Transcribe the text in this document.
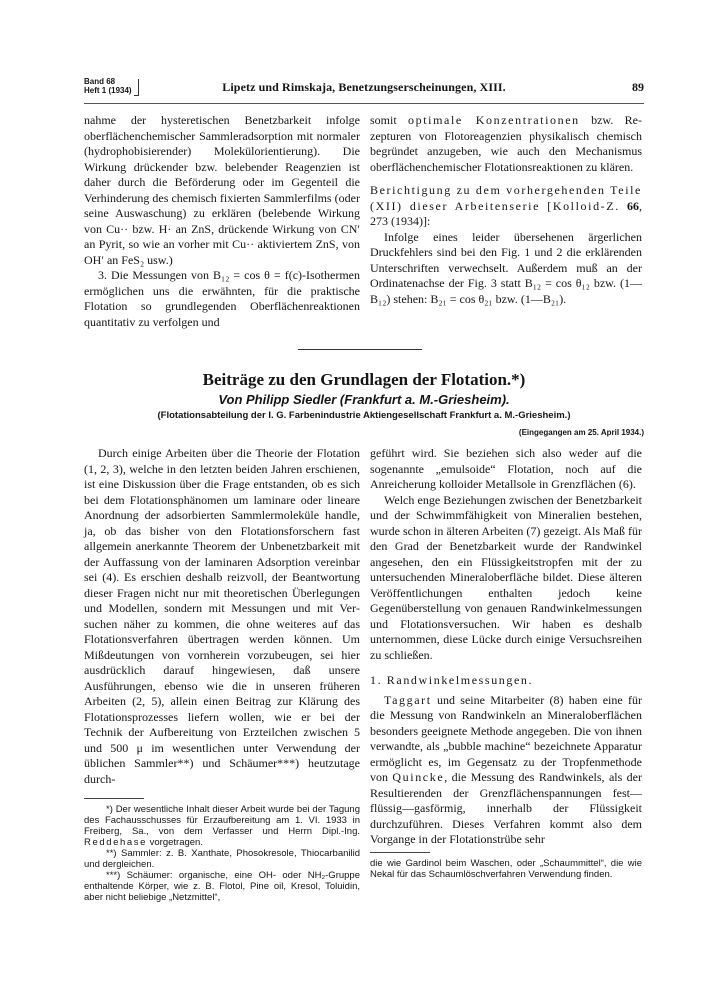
Band 68
Heft 1 (1934)	Lipetz und Rimskaja, Benetzungserscheinungen, XIII.	89

nahme der hysteretischen Benetzbarkeit infolge oberflächenchemischer Sammleradsorption mit normaler (hydrophobisierender) Molekülorientierung). Die Wirkung drückender bzw. belebender Reagenzien ist daher durch die Beförderung oder im Gegenteil die Verhinderung des chemisch fixierten Sammlerfilms (oder seine Auswaschung) zu erklären (belebende Wirkung von Cu·· bzw. H· an ZnS, drückende Wirkung von CN′ an Pyrit, so wie an vorher mit Cu·· aktiviertem ZnS, von OH′ an FeS₂ usw.)

3. Die Messungen von B₁₂ = cos θ = f(c)-Isothermen ermöglichen uns die erwähnten, für die praktische Flotation so grundlegenden Oberflächenreaktionen quantitativ zu verfolgen und

somit optimale Konzentrationen bzw. Rezepturen von Flotoreagenzien physikalisch chemisch begründet anzugeben, wie auch den Mechanismus oberflächenchemischer Flotationsreaktionen zu klären.

Berichtigung zu dem vorhergehenden Teile (XII) dieser Arbeitenserie [Kolloid-Z. 66, 273 (1934)]:

Infolge eines leider übersehenen ärgerlichen Druckfehlers sind bei den Fig. 1 und 2 die erklärenden Unterschriften verwechselt. Außerdem muß an der Ordinatenachse der Fig. 3 statt B₁₂ = cos θ₁₂ bzw. (1—B₁₂) stehen: B₂₁ = cos θ₂₁ bzw. (1—B₂₁).

Beiträge zu den Grundlagen der Flotation.*)
Von Philipp Siedler (Frankfurt a. M.-Griesheim).
(Flotationsabteilung der I. G. Farbenindustrie Aktiengesellschaft Frankfurt a. M.-Griesheim.)
(Eingegangen am 25. April 1934.)

Durch einige Arbeiten über die Theorie der Flotation (1, 2, 3), welche in den letzten beiden Jahren erschienen, ist eine Diskussion über die Frage entstanden, ob es sich bei dem Flotationsphänomen um laminare oder lineare Anordnung der adsorbierten Sammlermoleküle handle, ja, ob das bisher von den Flotationsforschern fast allgemein anerkannte Theorem der Unbenetzbarkeit mit der Auffassung von der laminaren Adsorption vereinbar sei (4). Es erschien deshalb reizvoll, der Beantwortung dieser Fragen nicht nur mit theoretischen Überlegungen und Modellen, sondern mit Messungen und mit Versuchen näher zu kommen, die ohne weiteres auf das Flotationsverfahren übertragen werden können. Um Mißdeutungen von vornherein vorzubeugen, sei hier ausdrücklich darauf hingewiesen, daß unsere Ausführungen, ebenso wie die in unseren früheren Arbeiten (2, 5), allein einen Beitrag zur Klärung des Flotationsprozesses liefern wollen, wie er bei der Technik der Aufbereitung von Erzteilchen zwischen 5 und 500 μ im wesentlichen unter Verwendung der üblichen Sammler**) und Schäumer***) heutzutage durch-

geführt wird. Sie beziehen sich also weder auf die sogenannte „emulsoide“ Flotation, noch auf die Anreicherung kolloider Metallsole in Grenzflächen (6).

Welch enge Beziehungen zwischen der Benetzbarkeit und der Schwimmfähigkeit von Mineralien bestehen, wurde schon in älteren Arbeiten (7) gezeigt. Als Maß für den Grad der Benetzbarkeit wurde der Randwinkel angesehen, den ein Flüssigkeitstropfen mit der zu untersuchenden Mineraloberfläche bildet. Diese älteren Veröffentlichungen enthalten jedoch keine Gegenüberstellung von genauen Randwinkelmessungen und Flotationsversuchen. Wir haben es deshalb unternommen, diese Lücke durch einige Versuchsreihen zu schließen.

1. Randwinkelmessungen.

Taggart und seine Mitarbeiter (8) haben eine für die Messung von Randwinkeln an Mineraloberflächen besonders geeignete Methode angegeben. Die von ihnen verwandte, als „bubble machine“ bezeichnete Apparatur ermöglicht es, im Gegensatz zu der Tropfenmethode von Quincke, die Messung des Randwinkels, als der Resultierenden der Grenzflächenspannungen fest—flüssig—gasförmig, innerhalb der Flüssigkeit durchzuführen. Dieses Verfahren kommt also dem Vorgange in der Flotationstrübe sehr

*) Der wesentliche Inhalt dieser Arbeit wurde bei der Tagung des Fachausschusses für Erzaufbereitung am 1. VI. 1933 in Freiberg, Sa., von dem Verfasser und Herrn Dipl.-Ing. Reddehase vorgetragen.

**) Sammler: z. B. Xanthate, Phosokresole, Thiocarbanilid und dergleichen.

***) Schäumer: organische, eine OH- oder NH₂-Gruppe enthaltende Körper, wie z. B. Flotol, Pine oil, Kresol, Toluidin, aber nicht beliebige „Netzmittel“,

die wie Gardinol beim Waschen, oder „Schaummittel“, die wie Nekal für das Schaumlöschverfahren Verwendung finden.
